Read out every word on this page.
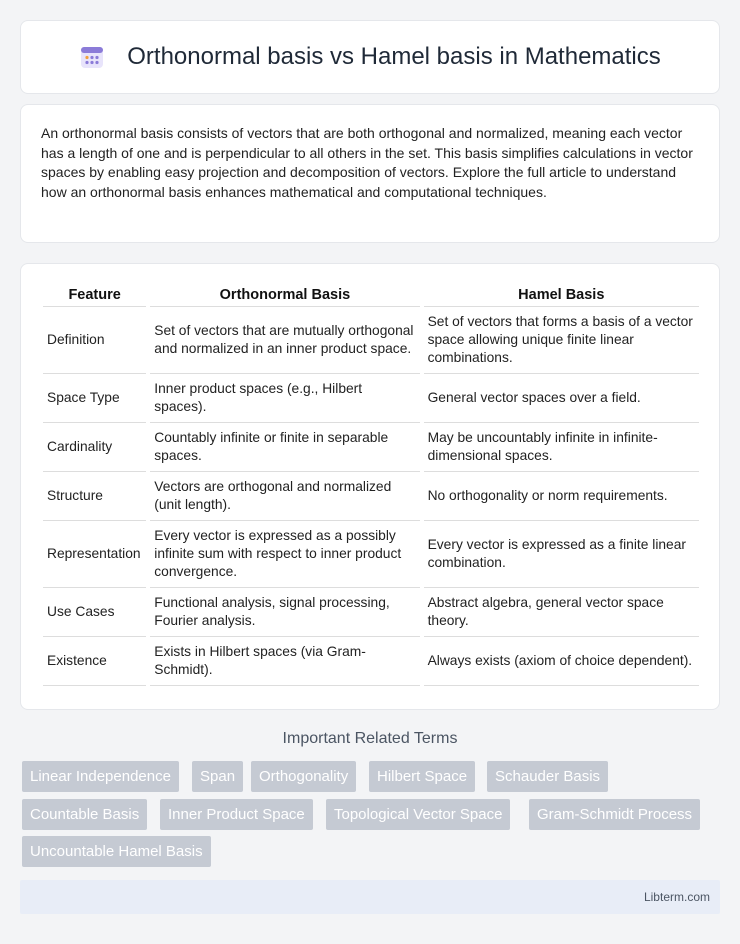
Orthonormal basis vs Hamel basis in Mathematics

An orthonormal basis consists of vectors that are both orthogonal and normalized, meaning each vector has a length of one and is perpendicular to all others in the set. This basis simplifies calculations in vector spaces by enabling easy projection and decomposition of vectors. Explore the full article to understand how an orthonormal basis enhances mathematical and computational techniques.

Feature	Orthonormal Basis	Hamel Basis
Definition	Set of vectors that are mutually orthogonal and normalized in an inner product space.	Set of vectors that forms a basis of a vector space allowing unique finite linear combinations.
Space Type	Inner product spaces (e.g., Hilbert spaces).	General vector spaces over a field.
Cardinality	Countably infinite or finite in separable spaces.	May be uncountably infinite in infinite-dimensional spaces.
Structure	Vectors are orthogonal and normalized (unit length).	No orthogonality or norm requirements.
Representation	Every vector is expressed as a possibly infinite sum with respect to inner product convergence.	Every vector is expressed as a finite linear combination.
Use Cases	Functional analysis, signal processing, Fourier analysis.	Abstract algebra, general vector space theory.
Existence	Exists in Hilbert spaces (via Gram-Schmidt).	Always exists (axiom of choice dependent).
Important Related Terms
Linear Independence	Span	Orthogonality	Hilbert Space	Schauder Basis
Countable Basis	Inner Product Space	Topological Vector Space	Gram-Schmidt Process
Uncountable Hamel Basis
Libterm.com
